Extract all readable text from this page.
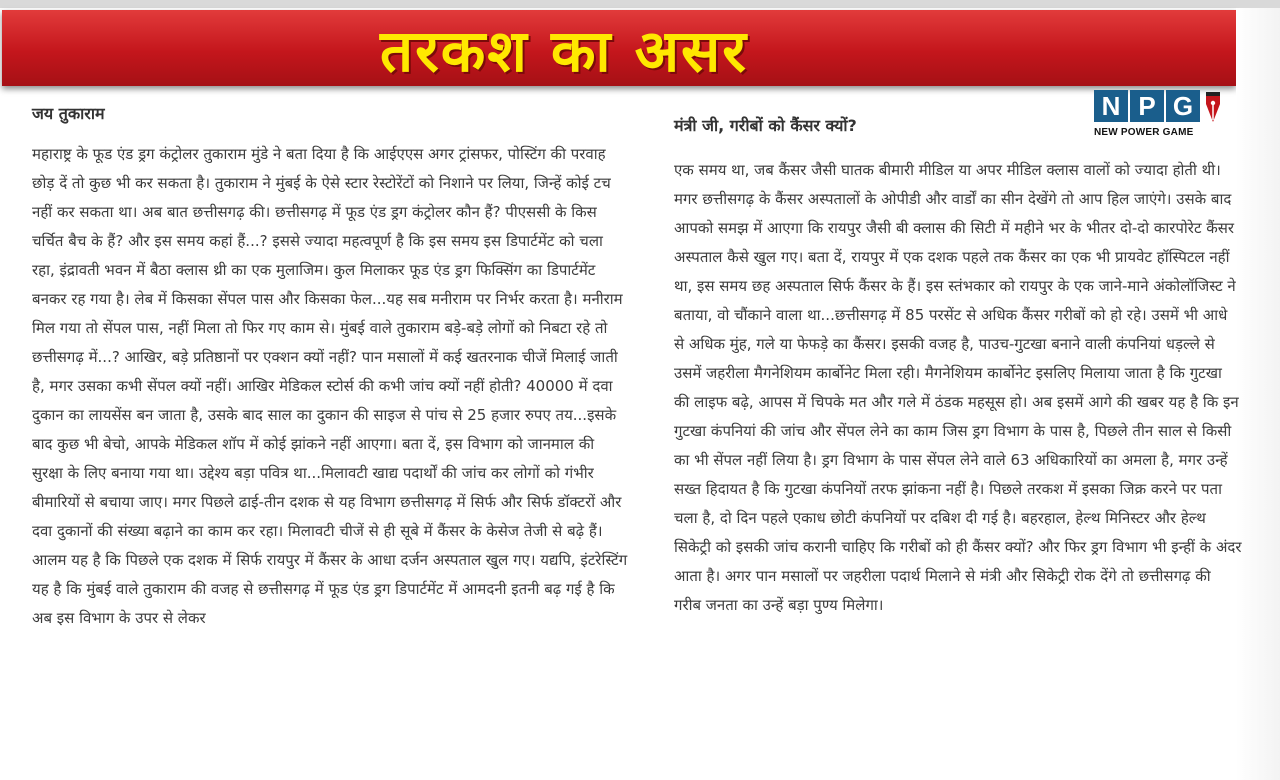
तरकश का असर
जय तुकाराम

महाराष्ट्र के फूड एंड ड्रग कंट्रोलर तुकाराम मुंडे ने बता दिया है कि आईएएस अगर ट्रांसफर, पोस्टिंग की परवाह छोड़ दें तो कुछ भी कर सकता है। तुकाराम ने मुंबई के ऐसे स्टार रेस्टोरेंटों को निशाने पर लिया, जिन्हें कोई टच नहीं कर सकता था। अब बात छत्तीसगढ़ की। छत्तीसगढ़ में फूड एंड ड्रग कंट्रोलर कौन हैं? पीएससी के किस चर्चित बैच के हैं? और इस समय कहां हैं...? इससे ज्यादा महत्वपूर्ण है कि इस समय इस डिपार्टमेंट को चला रहा, इंद्रावती भवन में बैठा क्लास थ्री का एक मुलाजिम। कुल मिलाकर फूड एंड ड्रग फिक्सिंग का डिपार्टमेंट बनकर रह गया है। लेब में किसका सेंपल पास और किसका फेल...यह सब मनीराम पर निर्भर करता है। मनीराम मिल गया तो सेंपल पास, नहीं मिला तो फिर गए काम से। मुंबई वाले तुकाराम बड़े-बड़े लोगों को निबटा रहे तो छत्तीसगढ़ में...? आखिर, बड़े प्रतिष्ठानों पर एक्शन क्यों नहीं? पान मसालों में कई खतरनाक चीजें मिलाई जाती है, मगर उसका कभी सेंपल क्यों नहीं। आखिर मेडिकल स्टोर्स की कभी जांच क्यों नहीं होती? 40000 में दवा दुकान का लायसेंस बन जाता है, उसके बाद साल का दुकान की साइज से पांच से 25 हजार रुपए तय...इसके बाद कुछ भी बेचो, आपके मेडिकल शॉप में कोई झांकने नहीं आएगा। बता दें, इस विभाग को जानमाल की सुरक्षा के लिए बनाया गया था। उद्देश्य बड़ा पवित्र था...मिलावटी खाद्य पदार्थों की जांच कर लोगों को गंभीर बीमारियों से बचाया जाए। मगर पिछले ढाई-तीन दशक से यह विभाग छत्तीसगढ़ में सिर्फ और सिर्फ डॉक्टरों और दवा दुकानों की संख्या बढ़ाने का काम कर रहा। मिलावटी चीजें से ही सूबे में कैंसर के केसेज तेजी से बढ़े हैं। आलम यह है कि पिछले एक दशक में सिर्फ रायपुर में कैंसर के आधा दर्जन अस्पताल खुल गए। यद्यपि, इंटरेस्टिंग यह है कि मुंबई वाले तुकाराम की वजह से छत्तीसगढ़ में फूड एंड ड्रग डिपार्टमेंट में आमदनी इतनी बढ़ गई है कि अब इस विभाग के उपर से लेकर

N P G
NEW POWER GAME
मंत्री जी, गरीबों को कैंसर क्यों?

एक समय था, जब कैंसर जैसी घातक बीमारी मीडिल या अपर मीडिल क्लास वालों को ज्यादा होती थी। मगर छत्तीसगढ़ के कैंसर अस्पतालों के ओपीडी और वार्डों का सीन देखेंगे तो आप हिल जाएंगे। उसके बाद आपको समझ में आएगा कि रायपुर जैसी बी क्लास की सिटी में महीने भर के भीतर दो-दो कारपोरेट कैंसर अस्पताल कैसे खुल गए। बता दें, रायपुर में एक दशक पहले तक कैंसर का एक भी प्रायवेट हॉस्पिटल नहीं था, इस समय छह अस्पताल सिर्फ कैंसर के हैं। इस स्तंभकार को रायपुर के एक जाने-माने अंकोलॉजिस्ट ने बताया, वो चौंकाने वाला था...छत्तीसगढ़ में 85 परसेंट से अधिक कैंसर गरीबों को हो रहे। उसमें भी आधे से अधिक मुंह, गले या फेफड़े का कैंसर। इसकी वजह है, पाउच-गुटखा बनाने वाली कंपनियां धड़ल्ले से उसमें जहरीला मैगनेशियम कार्बोनेट मिला रही। मैगनेशियम कार्बोनेट इसलिए मिलाया जाता है कि गुटखा की लाइफ बढ़े, आपस में चिपके मत और गले में ठंडक महसूस हो। अब इसमें आगे की खबर यह है कि इन गुटखा कंपनियां की जांच और सेंपल लेने का काम जिस ड्रग विभाग के पास है, पिछले तीन साल से किसी का भी सेंपल नहीं लिया है। ड्रग विभाग के पास सेंपल लेने वाले 63 अधिकारियों का अमला है, मगर उन्हें सख्त हिदायत है कि गुटखा कंपनियों तरफ झांकना नहीं है। पिछले तरकश में इसका जिक्र करने पर पता चला है, दो दिन पहले एकाध छोटी कंपनियों पर दबिश दी गई है। बहरहाल, हेल्थ मिनिस्टर और हेल्थ सिकेट्री को इसकी जांच करानी चाहिए कि गरीबों को ही कैंसर क्यों? और फिर ड्रग विभाग भी इन्हीं के अंदर आता है। अगर पान मसालों पर जहरीला पदार्थ मिलाने से मंत्री और सिकेट्री रोक देंगे तो छत्तीसगढ़ की गरीब जनता का उन्हें बड़ा पुण्य मिलेगा।
